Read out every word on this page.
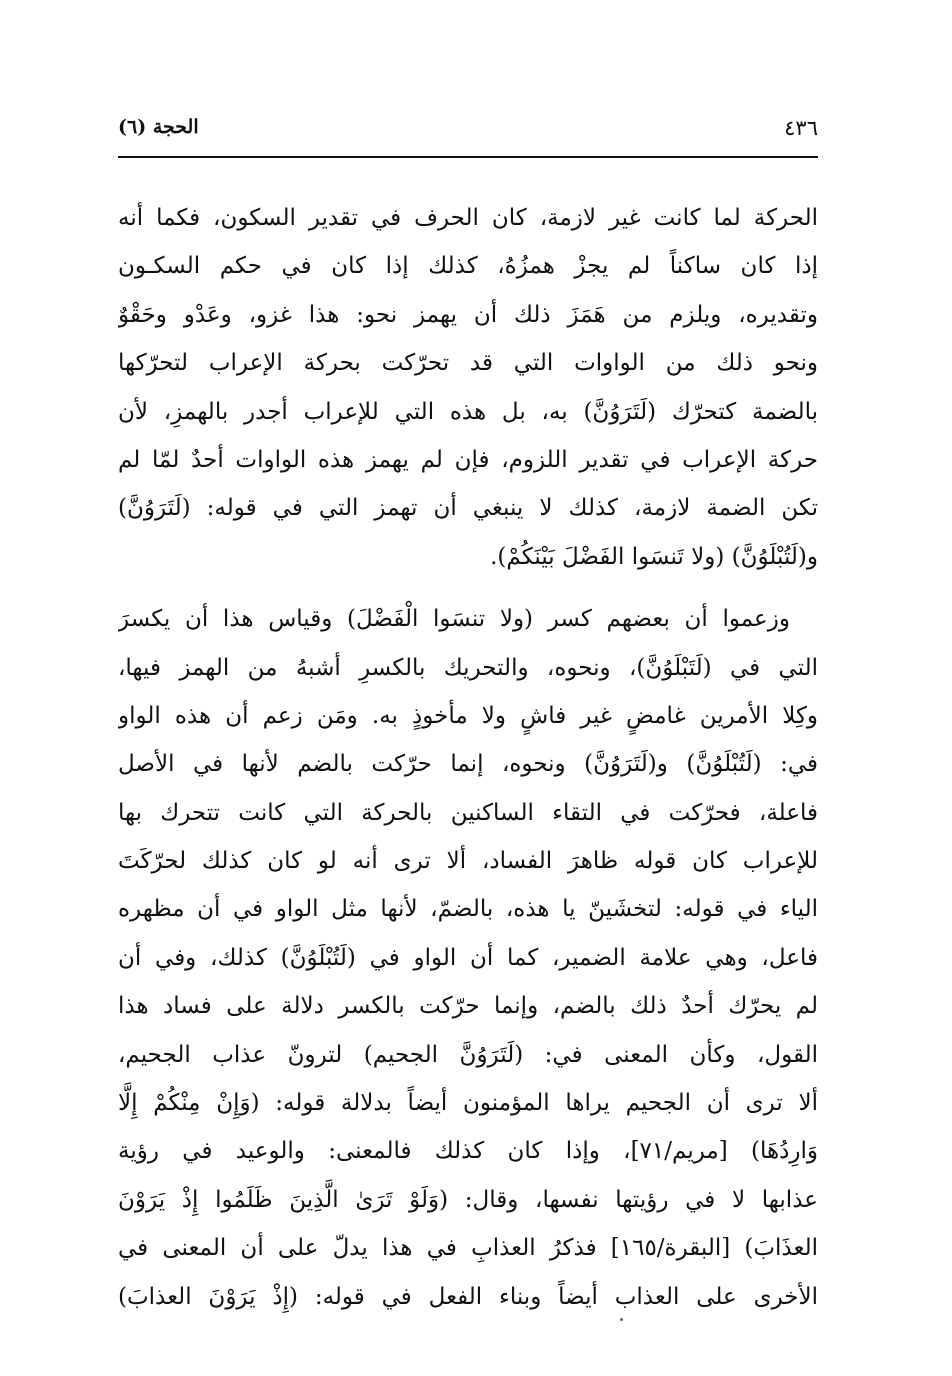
٤٣٦
الحجة (٦)
الحركة لما كانت غير لازمة، كان الحرف في تقدير السكون، فكما أنه
إذا كان ساكناً لم يجزْ همزُهُ، كذلك إذا كان في حكم السكـون
وتقديره، ويلزم من هَمَزَ ذلك أن يهمز نحو: هذا غزو، وعَدْو وحَقْوٌ
ونحو ذلك من الواوات التي قد تحرّكت بحركة الإعراب لتحرّكها
بالضمة كتحرّك (لَتَرَوُنَّ) به، بل هذه التي للإعراب أجدر بالهمزِ، لأن
حركة الإعراب في تقدير اللزوم، فإن لم يهمز هذه الواوات أحدٌ لمّا لم
تكن الضمة لازمة، كذلك لا ينبغي أن تهمز التي في قوله: (لَتَرَوُنَّ)
و(لَتُبْلَوُنَّ) (ولا تَنسَوا الفَضْلَ بَيْنَكُمْ).
وزعموا أن بعضهم كسر (ولا تنسَوا الْفَضْلَ) وقياس هذا أن يكسرَ
التي في (لَتَبْلَوُنَّ)، ونحوه، والتحريك بالكسرِ أشبهُ من الهمز فيها،
وكِلا الأمرين غامضٍ غير فاشٍ ولا مأخوذٍ به. ومَن زعم أن هذه الواو
في: (لَتُبْلَوُنَّ) و(لَتَرَوُنَّ) ونحوه، إنما حرّكت بالضم لأنها في الأصل
فاعلة، فحرّكت في التقاء الساكنين بالحركة التي كانت تتحرك بها
للإعراب كان قوله ظاهرَ الفساد، ألا ترى أنه لو كان كذلك لحرّكَتَ
الياء في قوله: لتخشَينّ يا هذه، بالضمّ، لأنها مثل الواو في أن مظهره
فاعل، وهي علامة الضمير، كما أن الواو في (لَتُبْلَوُنَّ) كذلك، وفي أن
لم يحرّك أحدٌ ذلك بالضم، وإنما حرّكت بالكسر دلالة على فساد هذا
القول، وكأن المعنى في: (لَتَرَوُنَّ الجحيم) لترونّ عذاب الجحيم،
ألا ترى أن الجحيم يراها المؤمنون أيضاً بدلالة قوله: (وَإِنْ مِنْكُمْ إِلَّا
وَارِدُهَا) [مريم/٧١]، وإذا كان كذلك فالمعنى: والوعيد في رؤية
عذابها لا في رؤيتها نفسها، وقال: (وَلَوْ تَرَىٰ الَّذِينَ ظَلَمُوا إِذْ يَرَوْنَ
العذَابَ) [البقرة/١٦٥] فذكرُ العذابِ في هذا يدلّ على أن المعنى في
الأخرى على العذاب أيضاً وبناء الفعل في قوله: (إِذْ يَرَوْنَ العذابَ)
